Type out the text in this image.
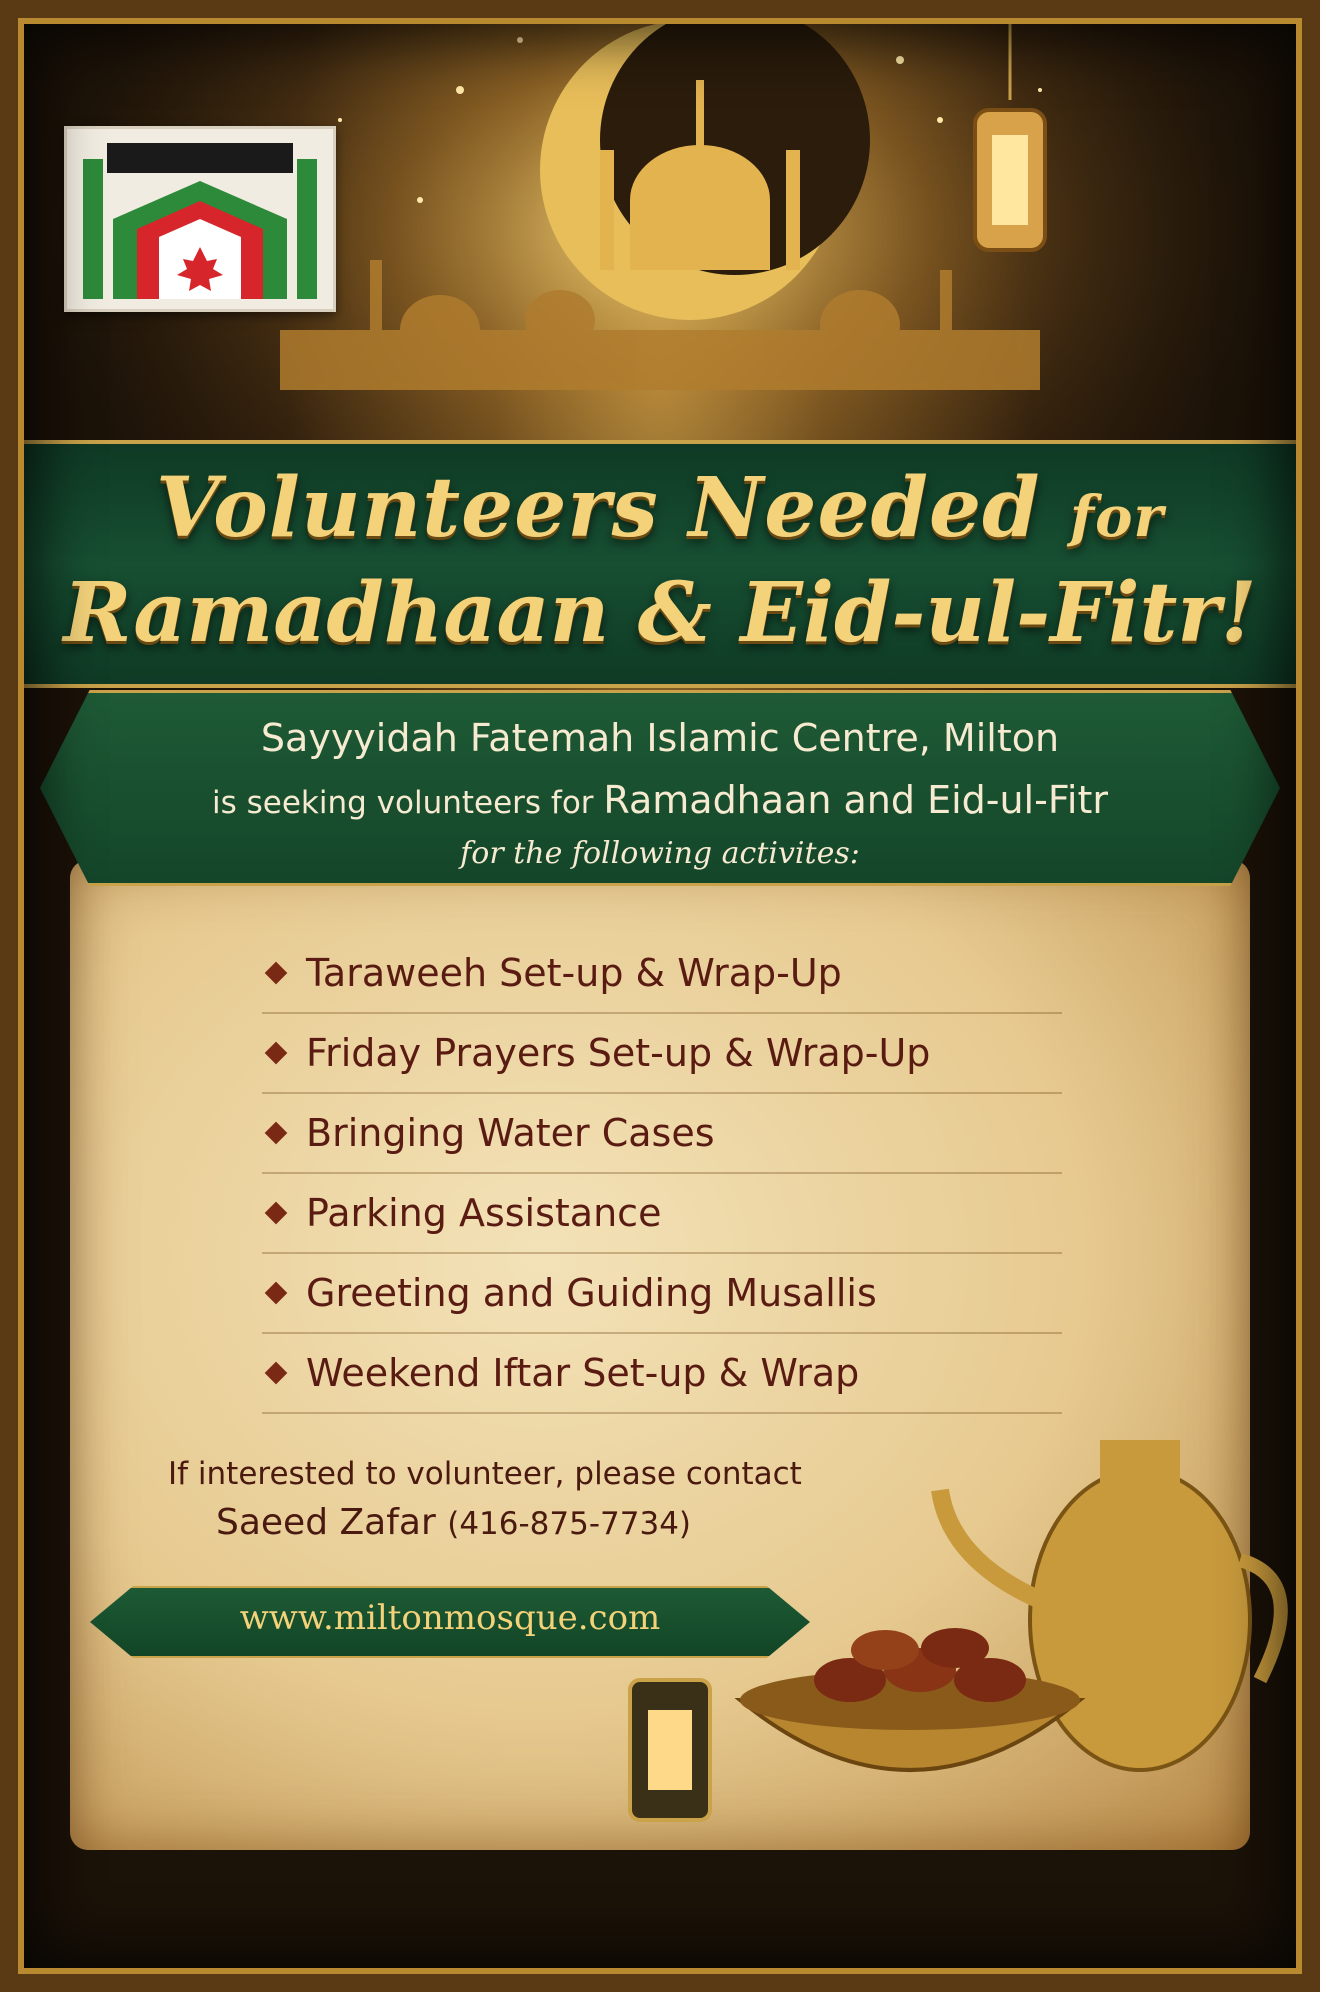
Volunteers Needed for
Ramadhaan & Eid-ul-Fitr!
Sayyyidah Fatemah Islamic Centre, Milton
is seeking volunteers for Ramadhaan and Eid-ul-Fitr
for the following activites:
Taraweeh Set-up & Wrap-Up
Friday Prayers Set-up & Wrap-Up
Bringing Water Cases
Parking Assistance
Greeting and Guiding Musallis
Weekend Iftar Set-up & Wrap
If interested to volunteer, please contact
Saeed Zafar (416-875-7734)
www.miltonmosque.com
